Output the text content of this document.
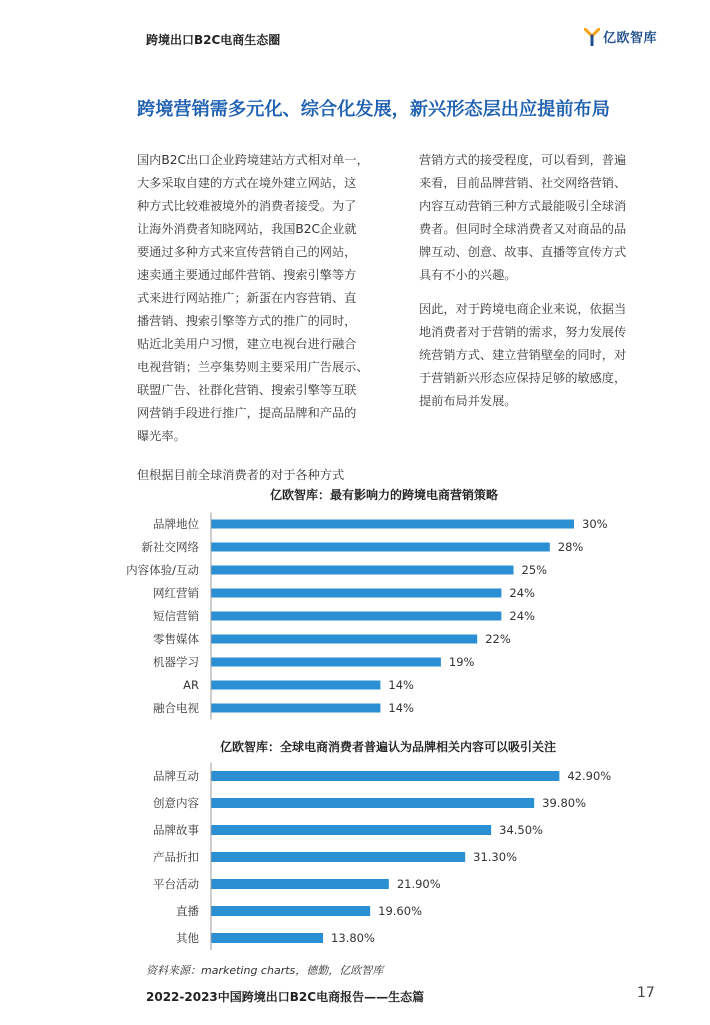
跨境出口B2C电商生态圈	亿欧智库
跨境营销需多元化、综合化发展，新兴形态层出应提前布局

国内B2C出口企业跨境建站方式相对单一，
大多采取自建的方式在境外建立网站，这
种方式比较难被境外的消费者接受。为了
让海外消费者知晓网站，我国B2C企业就
要通过多种方式来宣传营销自己的网站，
速卖通主要通过邮件营销、搜索引擎等方
式来进行网站推广；新蛋在内容营销、直
播营销、搜索引擎等方式的推广的同时，
贴近北美用户习惯，建立电视台进行融合
电视营销；兰亭集势则主要采用广告展示、
联盟广告、社群化营销、搜索引擎等互联
网营销手段进行推广，提高品牌和产品的
曝光率。

营销方式的接受程度，可以看到，普遍
来看，目前品牌营销、社交网络营销、
内容互动营销三种方式最能吸引全球消
费者。但同时全球消费者又对商品的品
牌互动、创意、故事、直播等宣传方式
具有不小的兴趣。

因此，对于跨境电商企业来说，依据当
地消费者对于营销的需求，努力发展传
统营销方式、建立营销壁垒的同时，对
于营销新兴形态应保持足够的敏感度，
提前布局并发展。

但根据目前全球消费者的对于各种方式
亿欧智库：最有影响力的跨境电商营销策略
品牌地位	30%
新社交网络	28%
内容体验/互动	25%
网红营销	24%
短信营销	24%
零售媒体	22%
机器学习	19%
AR	14%
融合电视	14%
亿欧智库：全球电商消费者普遍认为品牌相关内容可以吸引关注
品牌互动	42.90%
创意内容	39.80%
品牌故事	34.50%
产品折扣	31.30%
平台活动	21.90%
直播	19.60%
其他	13.80%
资料来源：marketing charts，德勤，亿欧智库
2022-2023中国跨境出口B2C电商报告——生态篇	17
